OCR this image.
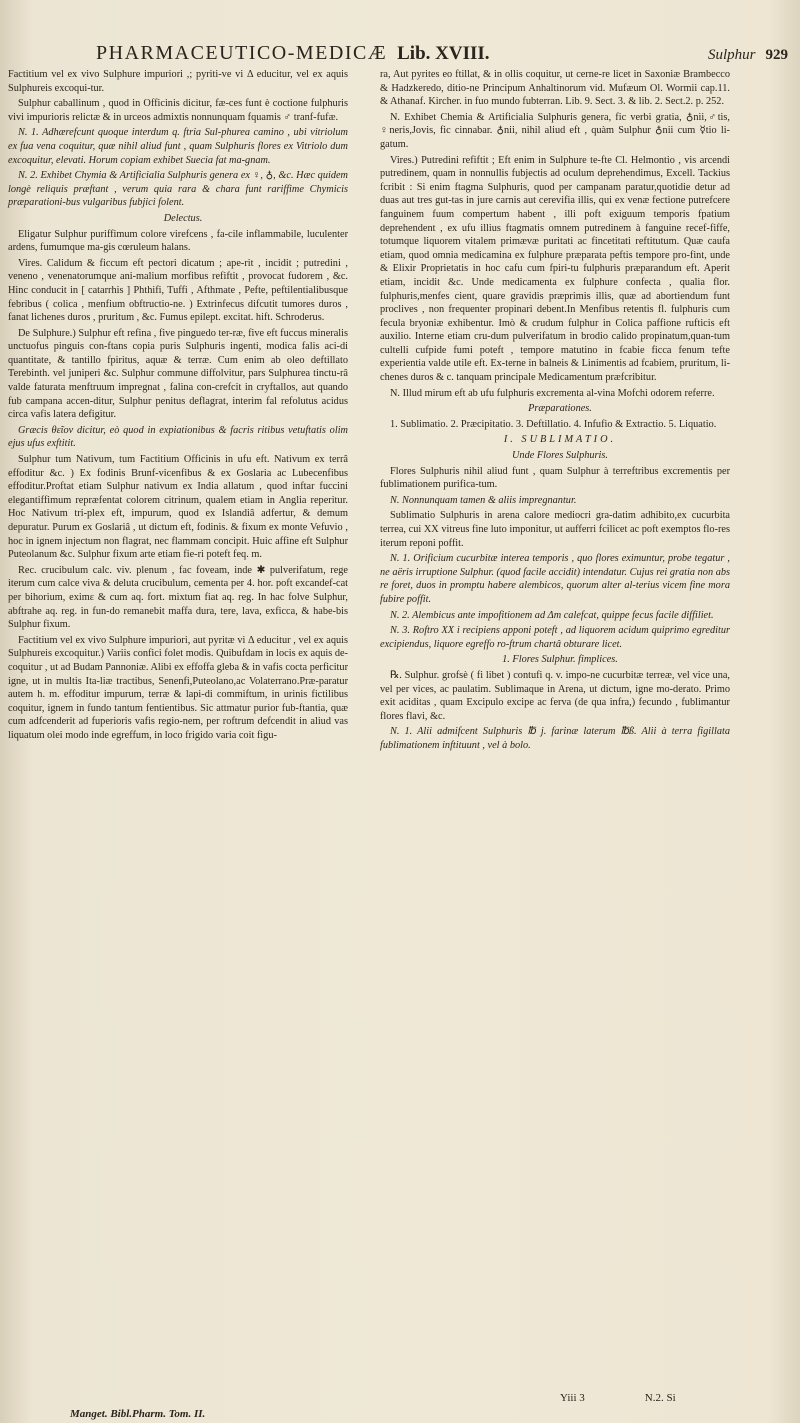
PHARMACEUTICO-MEDICÆ Lib. XVIII.	Sulphur 929

Factitium vel ex vivo Sulphure impuriori ,; pyriti-ve vi Δ educitur, vel ex aquis Sulphureis excoqui-tur.

Sulphur caballinum , quod in Officinis dicitur, fæ-ces funt è coctione fulphuris vivi impurioris relictæ & in urceos admixtis nonnunquam fquamis ♂ tranf-fufæ.

N. 1. Adhærefcunt quoque interdum q. ftria Sul-phurea camino , ubi vitriolum ex fua vena coquitur, quæ nihil aliud funt , quam Sulphuris flores ex Vitriolo dum excoquitur, elevati. Horum copiam exhibet Suecia fat ma-gnam.

N. 2. Exhibet Chymia & Artificialia Sulphuris genera ex ♀, ♁, &c. Hæc quidem longè reliquis præftant , verum quia rara & chara funt rariffime Chymicis præparationi-bus vulgaribus fubjici folent.

Delectus.

Eligatur Sulphur puriffimum colore virefcens , fa-cile inflammabile, luculenter ardens, fumumque ma-gis cœruleum halans.

Vires. Calidum & ficcum eft pectori dicatum ; ape-rit , incidit ; putredini , veneno , venenatorumque ani-malium morfibus refiftit , provocat fudorem , &c. Hinc conducit in [ catarrhis ] Phthifi, Tuffi , Afthmate , Pefte, peftilentialibusque febribus ( colica , menfium obftructio-ne. ) Extrinfecus difcutit tumores duros , fanat lichenes duros , pruritum , &c. Fumus epilept. excitat. hift. Schroderus.

De Sulphure.) Sulphur eft refina , five pinguedo ter-ræ, five eft fuccus mineralis unctuofus pinguis con-ftans copia puris Sulphuris ingenti, modica falis aci-di quantitate, & tantillo fpiritus, aquæ & terræ. Cum enim ab oleo deftillato Terebinth. vel juniperi &c. Sulphur commune diffolvitur, pars Sulphurea tinctu-râ valde faturata menftruum impregnat , falina con-crefcit in cryftallos, aut quando fub campana accen-ditur, Sulphur penitus deflagrat, interim fal refolutus acidus circa vafis latera defigitur.

Græcis θεῖον dicitur, eò quod in expiationibus & facris ritibus vetuftatis olim ejus ufus exftitit.

Sulphur tum Nativum, tum Factitium Officinis in ufu eft. Nativum ex terrâ effoditur &c. ) Ex fodinis Brunf-vicenfibus & ex Goslaria ac Lubecenfibus effoditur.Proftat etiam Sulphur nativum ex India allatum , quod inftar fuccini elegantiffimum repræfentat colorem citrinum, qualem etiam in Anglia reperitur. Hoc Nativum tri-plex eft, impurum, quod ex Islandiâ adfertur, & demum depuratur. Purum ex Goslariâ , ut dictum eft, fodinis. & fixum ex monte Vefuvio , hoc in ignem injectum non flagrat, nec flammam concipit. Huic affine eft Sulphur Puteolanum &c. Sulphur fixum arte etiam fie-ri poteft feq. m.

Rec. crucibulum calc. viv. plenum , fac foveam, inde ✱ pulverifatum, rege iterum cum calce viva & deluta crucibulum, cementa per 4. hor. poft excandef-cat per bihorium, eximε & cum aq. fort. mixtum fiat aq. reg. In hac folve Sulphur, abftrahe aq. reg. in fun-do remanebit maffa dura, tere, lava, exficca, & habe-bis Sulphur fixum.

Factitium vel ex vivo Sulphure impuriori, aut pyritæ vi Δ educitur , vel ex aquis Sulphureis excoquitur.) Variis confici folet modis. Quibufdam in locis ex aquis de-coquitur , ut ad Budam Pannoniæ. Alibi ex effoffa gleba & in vafis cocta perficitur igne, ut in multis Ita-liæ tractibus, Senenfi,Puteolano,ac Volaterrano.Præ-paratur autem h. m. effoditur impurum, terræ & lapi-di commiftum, in urinis fictilibus coquitur, ignem in fundo tantum fentientibus. Sic attmatur purior fub-ftantia, quæ cum adfcenderit ad fuperioris vafis regio-nem, per roftrum defcendit in aliud vas liquatum olei modo inde egreffum, in loco frigido varia coit figu-

ra, Aut pyrites eo ftillat, & in ollis coquitur, ut cerne-re licet in Saxoniæ Brambecco & Hadzkeredo, ditio-ne Principum Anhaltinorum vid. Mufæum Ol. Wormii cap.11. & Athanaf. Kircher. in fuo mundo fubterran. Lib. 9. Sect. 3. & lib. 2. Sect.2. p. 252.

N. Exhibet Chemia & Artificialia Sulphuris genera, fic verbi gratia, ♁nii,♂tis, ♀neris,Jovis, fic cinnabar. ♁nii, nihil aliud eft , quàm Sulphur ♁nii cum ☿tio li-gatum.

Vires.) Putredini refiftit ; Eft enim in Sulphure te-fte Cl. Helmontio , vis arcendi putredinem, quam in nonnullis fubjectis ad oculum deprehendimus, Excell. Tackius fcribit : Si enim ftagma Sulphuris, quod per campanam paratur,quotidie detur ad duas aut tres gut-tas in jure carnis aut cerevifia illis, qui ex venæ fectione putrefcere fanguinem fuum compertum habent , illi poft exiguum temporis fpatium deprehendent , ex ufu illius ftagmatis omnem putredinem à fanguine recef-fiffe, totumque liquorem vitalem primævæ puritati ac fincetitati reftitutum. Quæ caufa etiam, quod omnia medicamina ex fulphure præparata peftis tempore pro-fint, unde & Elixir Proprietatis in hoc cafu cum fpiri-tu fulphuris præparandum eft. Aperit etiam, incidit &c. Unde medicamenta ex fulphure confecta , qualia flor. fulphuris,menfes cient, quare gravidis præprimis illis, quæ ad abortiendum funt proclives , non frequenter propinari debent.In Menfibus retentis fl. fulphuris cum fecula bryoniæ exhibentur. Imò & crudum fulphur in Colica paffione rufticis eft auxilio. Interne etiam cru-dum pulverifatum in brodio calido propinatum,quan-tum cultelli cufpide fumi poteft , tempore matutino in fcabie ficca fenum tefte experientia valde utile eft. Ex-terne in balneis & Linimentis ad fcabiem, pruritum, li-chenes duros & c. tanquam principale Medicamentum præfcribitur.

N. Illud mirum eft ab ufu fulphuris excrementa al-vina Mofchi odorem referre.

Præparationes.

1. Sublimatio. 2. Præcipitatio. 3. Deftillatio. 4. Infufio & Extractio. 5. Liquatio.

I. SUBLIMATIO.

Unde Flores Sulphuris.

Flores Sulphuris nihil aliud funt , quam Sulphur à terreftribus excrementis per fublimationem purifica-tum.

N. Nonnunquam tamen & aliis impregnantur.

Sublimatio Sulphuris in arena calore mediocri gra-datim adhibito,ex cucurbita terrea, cui XX vitreus fine luto imponitur, ut aufferri fcilicet ac poft exemptos flo-res iterum reponi poffit.

N. 1. Orificium cucurbitæ interea temporis , quo flores eximuntur, probe tegatur , ne aëris irruptione Sulphur. (quod facile accidit) intendatur. Cujus rei gratia non abs re foret, duos in promptu habere alembicos, quorum alter al-terius vicem fine mora fubire poffit.

N. 2. Alembicus ante impofitionem ad Δm calefcat, quippe fecus facile diffiliet.

N. 3. Roftro XX i recipiens apponi poteft , ad liquorem acidum quiprimo egreditur excipiendus, liquore egreffo ro-ftrum chartâ obturare licet.

1. Flores Sulphur. fimplices.

℞. Sulphur. grofsè ( fi libet ) contufi q. v. impo-ne cucurbitæ terreæ, vel vice una, vel per vices, ac paulatim. Sublimaque in Arena, ut dictum, igne mo-derato. Primo exit aciditas , quam Excipulo excipe ac ferva (de qua infra,) fecundo , fublimantur flores flavi, &c.

N. 1. Alii admifcent Sulphuris ℔ j. farinæ laterum ℔ß. Alii à terra figillata fublimationem inftituunt , vel à bolo.

Manget. Bibl.Pharm. Tom. II.
Yiii 3	N.2. Si
